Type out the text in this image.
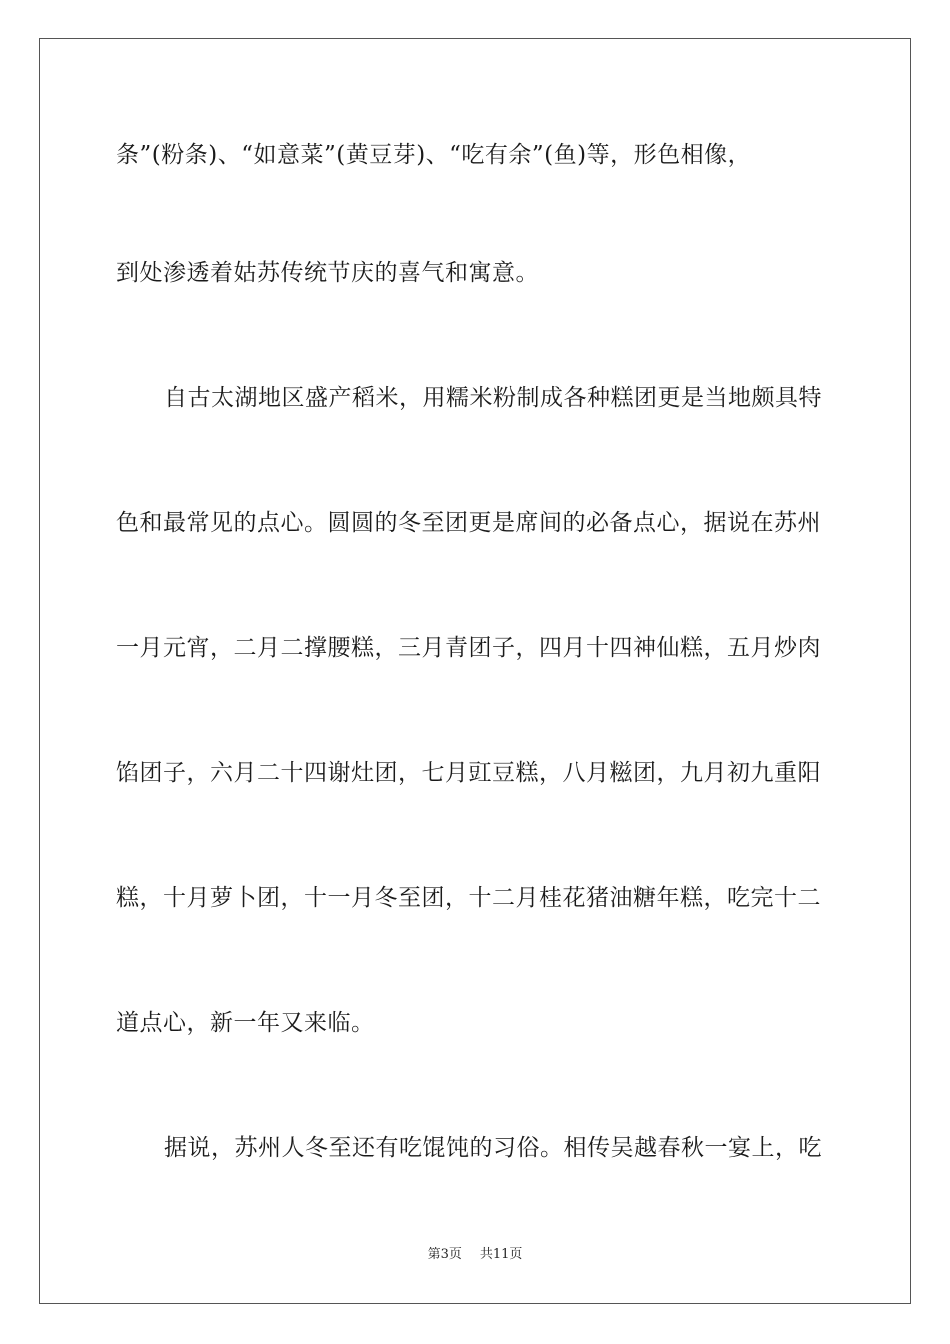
条”(粉条)、“如意菜”(黄豆芽)、“吃有余”(鱼)等，形色相像，
到处渗透着姑苏传统节庆的喜气和寓意。
自古太湖地区盛产稻米，用糯米粉制成各种糕团更是当地颇具特
色和最常见的点心。圆圆的冬至团更是席间的必备点心，据说在苏州
一月元宵，二月二撑腰糕，三月青团子，四月十四神仙糕，五月炒肉
馅团子，六月二十四谢灶团，七月豇豆糕，八月糍团，九月初九重阳
糕，十月萝卜团，十一月冬至团，十二月桂花猪油糖年糕，吃完十二
道点心，新一年又来临。
据说，苏州人冬至还有吃馄饨的习俗。相传吴越春秋一宴上，吃
第3页 共11页
